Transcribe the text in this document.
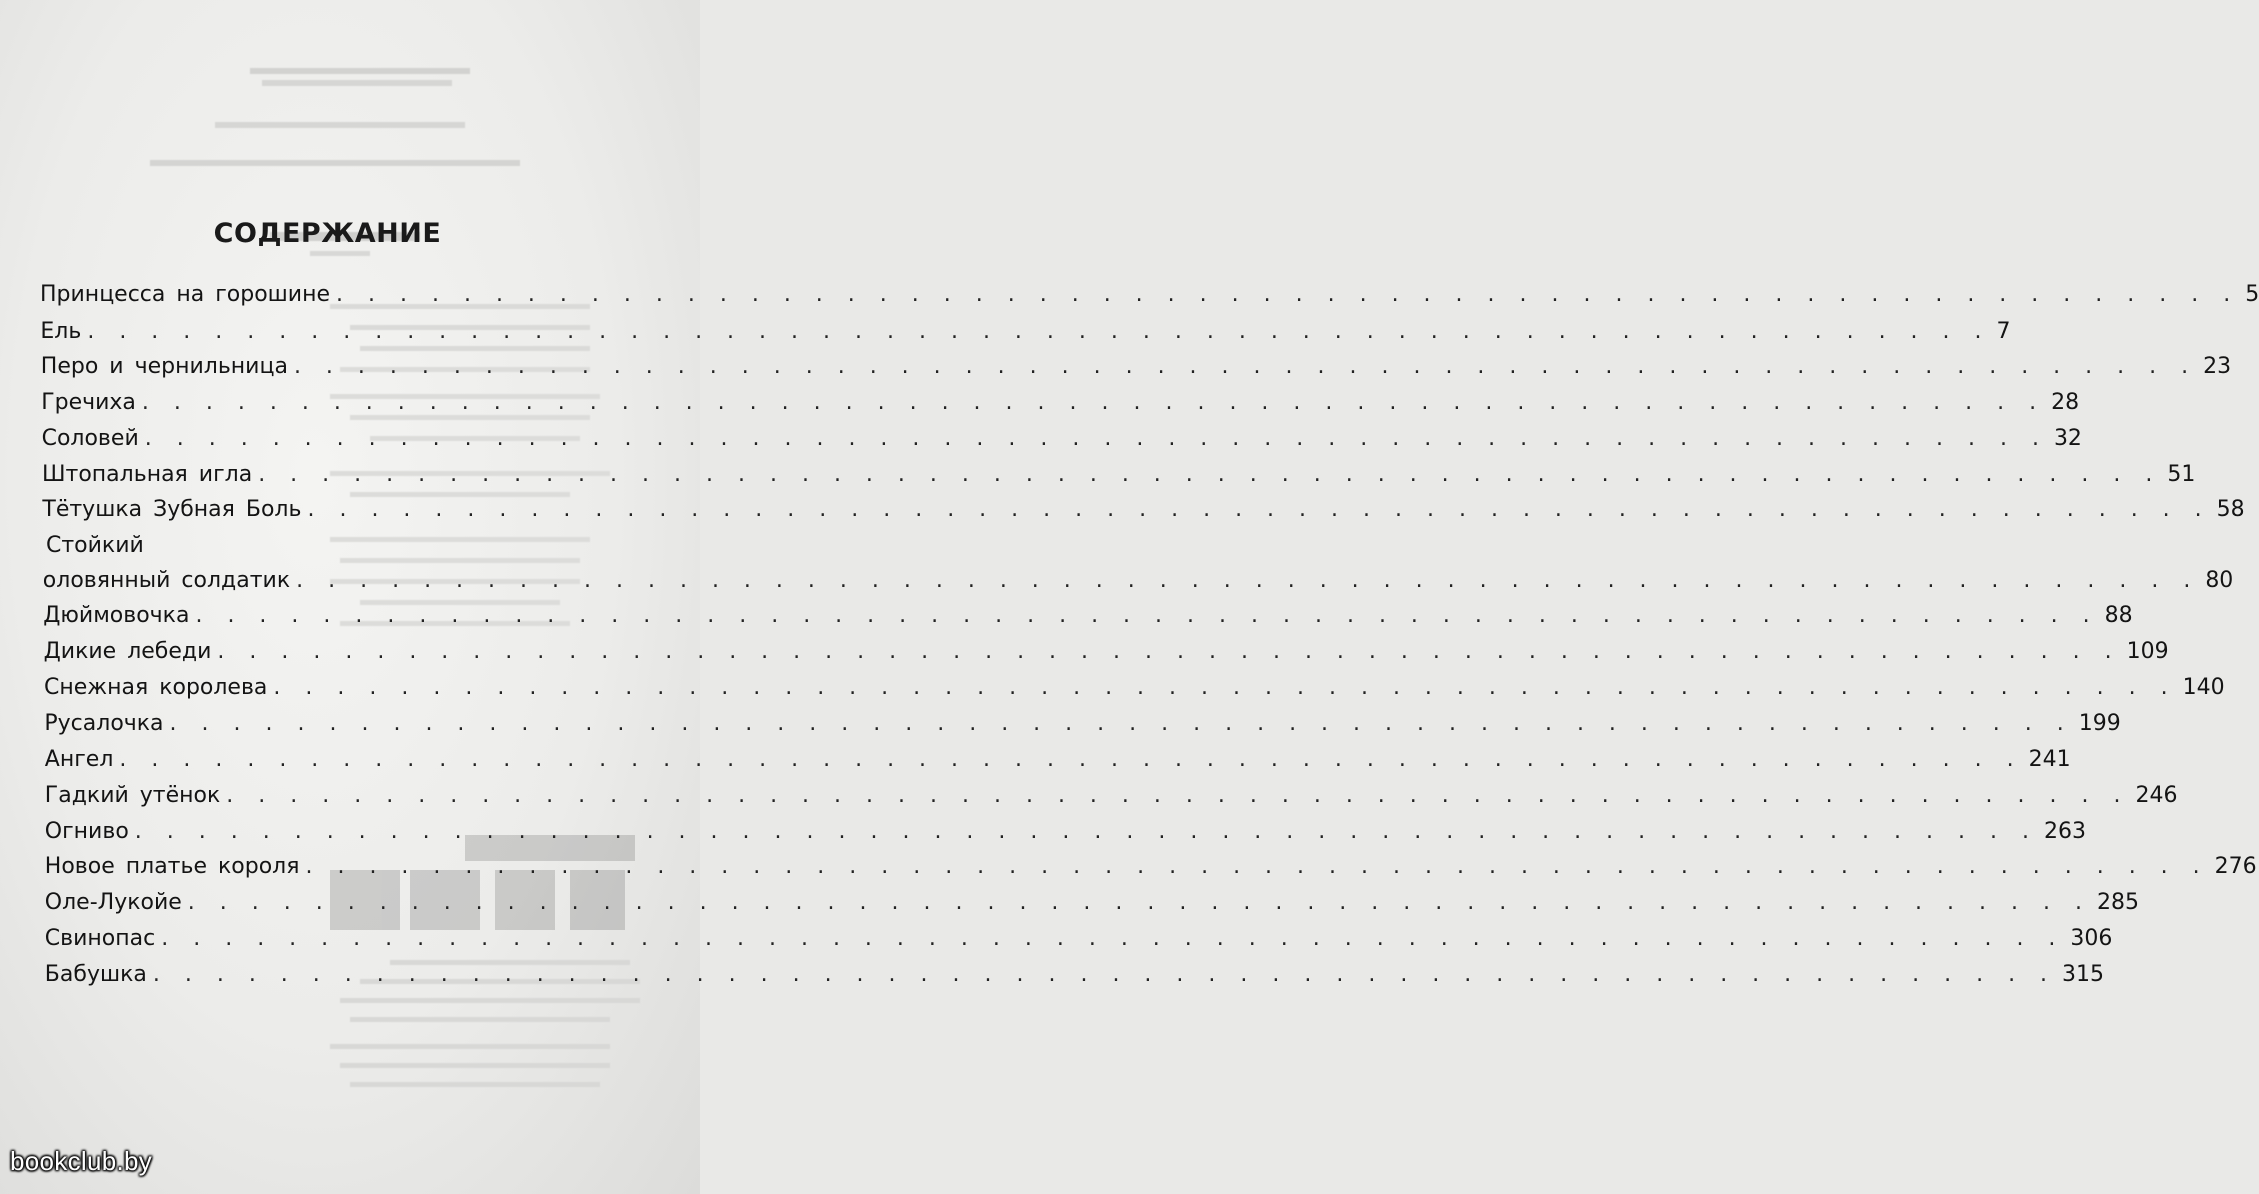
СОДЕРЖАНИЕ
Принцесса на горошине . . . . . . . . . . . . . . . . . . . . . . . . . . . . . . . . . . . . . . . . . . . . . . . . . . . . . . . . . . . . 5
Ель . . . . . . . . . . . . . . . . . . . . . . . . . . . . . . . . . . . . . . . . . . . . . . . . . . . . . . . . . . . . 7
Перо и чернильница . . . . . . . . . . . . . . . . . . . . . . . . . . . . . . . . . . . . . . . . . . . . . . . . . . . . . . . . . . . . 23
Гречиха . . . . . . . . . . . . . . . . . . . . . . . . . . . . . . . . . . . . . . . . . . . . . . . . . . . . . . . . . . . . 28
Соловей . . . . . . . . . . . . . . . . . . . . . . . . . . . . . . . . . . . . . . . . . . . . . . . . . . . . . . . . . . . . 32
Штопальная игла . . . . . . . . . . . . . . . . . . . . . . . . . . . . . . . . . . . . . . . . . . . . . . . . . . . . . . . . . . . . 51
Тётушка Зубная Боль . . . . . . . . . . . . . . . . . . . . . . . . . . . . . . . . . . . . . . . . . . . . . . . . . . . . . . . . . . . . 58
Стойкий
оловянный солдатик . . . . . . . . . . . . . . . . . . . . . . . . . . . . . . . . . . . . . . . . . . . . . . . . . . . . . . . . . . . . 80
Дюймовочка . . . . . . . . . . . . . . . . . . . . . . . . . . . . . . . . . . . . . . . . . . . . . . . . . . . . . . . . . . . . 88
Дикие лебеди . . . . . . . . . . . . . . . . . . . . . . . . . . . . . . . . . . . . . . . . . . . . . . . . . . . . . . . . . . . . 109
Снежная королева . . . . . . . . . . . . . . . . . . . . . . . . . . . . . . . . . . . . . . . . . . . . . . . . . . . . . . . . . . . . 140
Русалочка . . . . . . . . . . . . . . . . . . . . . . . . . . . . . . . . . . . . . . . . . . . . . . . . . . . . . . . . . . . . 199
Ангел . . . . . . . . . . . . . . . . . . . . . . . . . . . . . . . . . . . . . . . . . . . . . . . . . . . . . . . . . . . . 241
Гадкий утёнок . . . . . . . . . . . . . . . . . . . . . . . . . . . . . . . . . . . . . . . . . . . . . . . . . . . . . . . . . . . . 246
Огниво . . . . . . . . . . . . . . . . . . . . . . . . . . . . . . . . . . . . . . . . . . . . . . . . . . . . . . . . . . . . 263
Новое платье короля . . . . . . . . . . . . . . . . . . . . . . . . . . . . . . . . . . . . . . . . . . . . . . . . . . . . . . . . . . . . 276
Оле-Лукойе . . . . . . . . . . . . . . . . . . . . . . . . . . . . . . . . . . . . . . . . . . . . . . . . . . . . . . . . . . . . 285
Свинопас . . . . . . . . . . . . . . . . . . . . . . . . . . . . . . . . . . . . . . . . . . . . . . . . . . . . . . . . . . . . 306
Бабушка . . . . . . . . . . . . . . . . . . . . . . . . . . . . . . . . . . . . . . . . . . . . . . . . . . . . . . . . . . . . 315
bookclub.by
